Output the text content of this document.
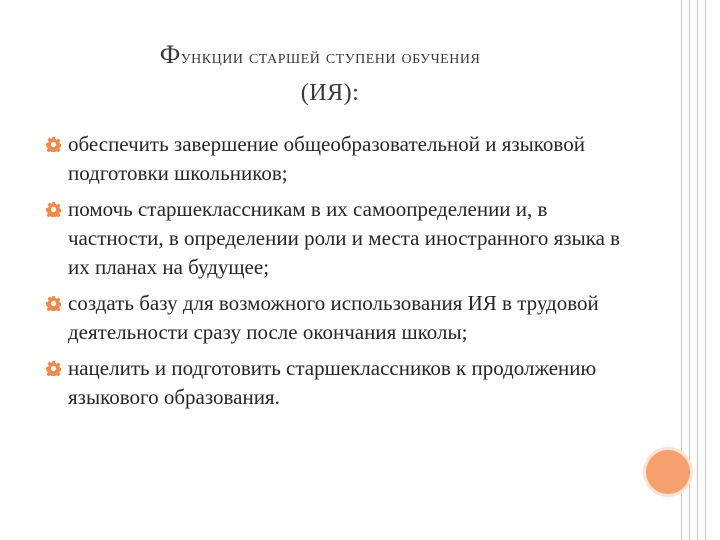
Функции старшей ступени обучения
(ИЯ):
обеспечить завершение общеобразовательной и языковой подготовки школьников;
помочь старшеклассникам в их самоопределении и, в частности, в определении роли и места иностранного языка в их планах на будущее;
создать базу для возможного использования ИЯ в трудовой деятельности сразу после окончания школы;
нацелить и подготовить старшеклассников к продолжению языкового образования.
